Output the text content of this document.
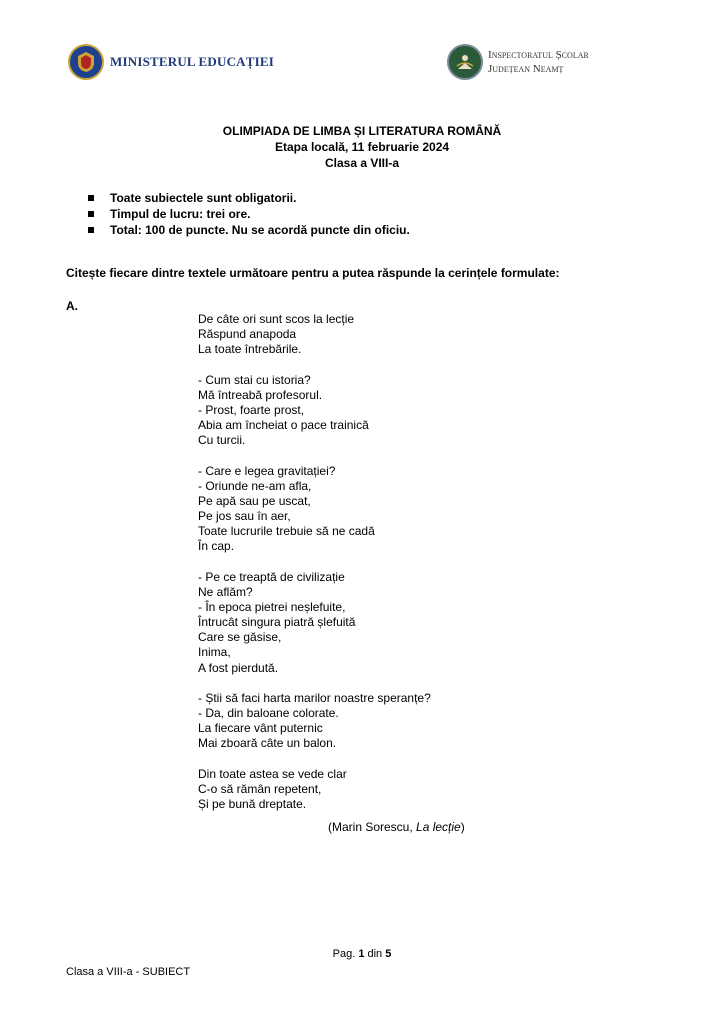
MINISTERUL EDUCAȚIEI	Inspectoratul Școlar
Județean Neamț
OLIMPIADA DE LIMBA ȘI LITERATURA ROMÂNĂ
Etapa locală, 11 februarie 2024
Clasa a VIII-a
Toate subiectele sunt obligatorii.
Timpul de lucru: trei ore.
Total: 100 de puncte. Nu se acordă puncte din oficiu.
Citește fiecare dintre textele următoare pentru a putea răspunde la cerințele formulate:
A.
De câte ori sunt scos la lecție
Răspund anapoda
La toate întrebările.
- Cum stai cu istoria?
Mă întreabă profesorul.
- Prost, foarte prost,
Abia am încheiat o pace trainică
Cu turcii.
- Care e legea gravitației?
- Oriunde ne-am afla,
Pe apă sau pe uscat,
Pe jos sau în aer,
Toate lucrurile trebuie să ne cadă
În cap.
- Pe ce treaptă de civilizație
Ne aflăm?
- În epoca pietrei neșlefuite,
Întrucât singura piatră șlefuită
Care se găsise,
Inima,
A fost pierdută.
- Știi să faci harta marilor noastre speranțe?
- Da, din baloane colorate.
La fiecare vânt puternic
Mai zboară câte un balon.
Din toate astea se vede clar
C-o să rămân repetent,
Și pe bună dreptate.
(Marin Sorescu, La lecție)
Pag. 1 din 5
Clasa a VIII-a - SUBIECT
